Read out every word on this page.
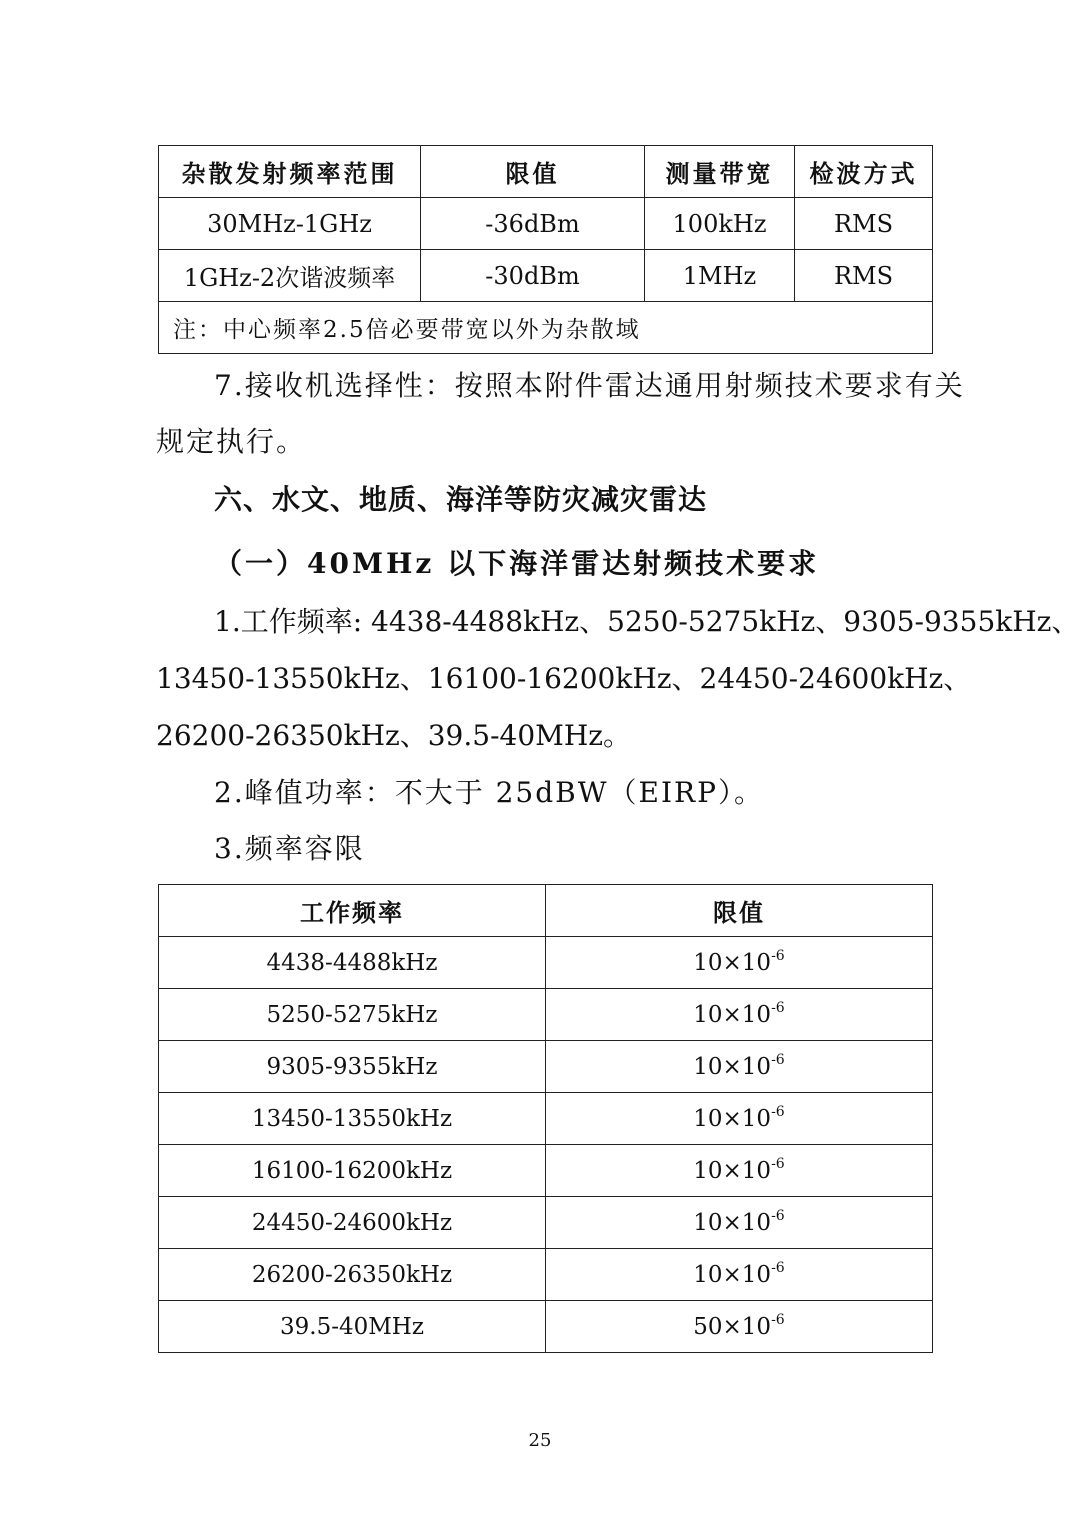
杂散发射频率范围	限值	测量带宽	检波方式
30MHz-1GHz	-36dBm	100kHz	RMS
1GHz-2次谐波频率	-30dBm	1MHz	RMS
注：中心频率2.5倍必要带宽以外为杂散域			
7.接收机选择性：按照本附件雷达通用射频技术要求有关
规定执行。
六、水文、地质、海洋等防灾减灾雷达
（一）40MHz 以下海洋雷达射频技术要求
1.工作频率: 4438-4488kHz、5250-5275kHz、9305-9355kHz、
13450-13550kHz 、 16100-16200kHz 、 24450-24600kHz 、
26200-26350kHz、39.5-40MHz。
2.峰值功率：不大于 25dBW（EIRP）。
3.频率容限
工作频率	限值
4438-4488kHz	$10\times 10^{-6}$
5250-5275kHz	$10\times 10^{-6}$
9305-9355kHz	$10\times 10^{-6}$
13450-13550kHz	$10\times 10^{-6}$
16100-16200kHz	$10\times 10^{-6}$
24450-24600kHz	$10\times 10^{-6}$
26200-26350kHz	$10\times 10^{-6}$
39.5-40MHz	$50\times 10^{-6}$
25
